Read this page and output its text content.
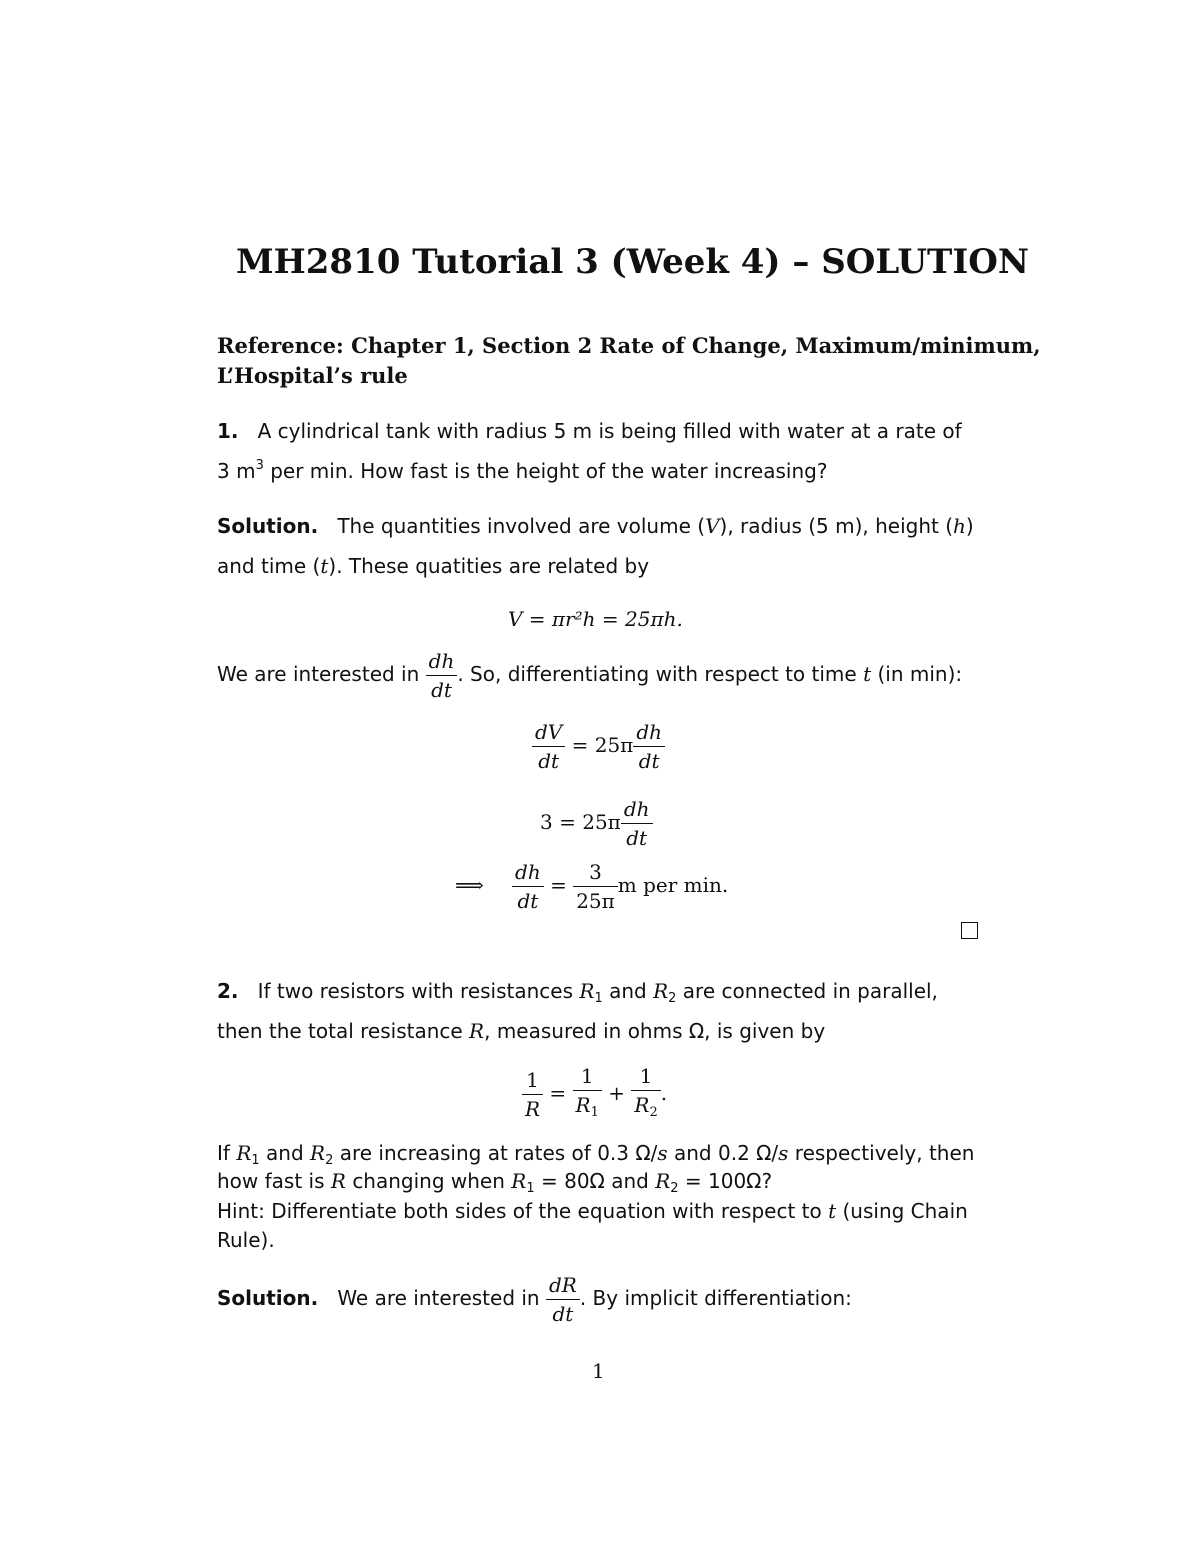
MH2810 Tutorial 3 (Week 4) – SOLUTION
Reference: Chapter 1, Section 2 Rate of Change, Maximum/minimum,
L’Hospital’s rule
1. A cylindrical tank with radius 5 m is being filled with water at a rate of
3 $m^3$ per min. How fast is the height of the water increasing?
Solution. The quantities involved are volume (V), radius (5 m), height (h)
and time (t). These quatities are related by
V = πr²h = 25πh.
We are interested in $\frac{dh}{dt}$ . So, differentiating with respect to time t (in min):
$\frac{dV}{dt} = 25\pi \frac{dh}{dt}$
$3 = 25\pi \frac{dh}{dt}$
⟹ $\frac{dh}{dt} = \frac{3}{25\pi}$ m per min.
2. If two resistors with resistances $R_1$ and $R_2$ are connected in parallel,
then the total resistance R, measured in ohms Ω, is given by
$\frac{1}{R} = \frac{1}{R_1} + \frac{1}{R_2}$ .
If $R_1$ and $R_2$ are increasing at rates of 0.3 Ω/s and 0.2 Ω/s respectively, then
how fast is R changing when $R_1 = 80\Omega$ and $R_2 = 100\Omega$?
Hint: Differentiate both sides of the equation with respect to t (using Chain
Rule).
Solution. We are interested in $\frac{dR}{dt}$ . By implicit differentiation:
1
